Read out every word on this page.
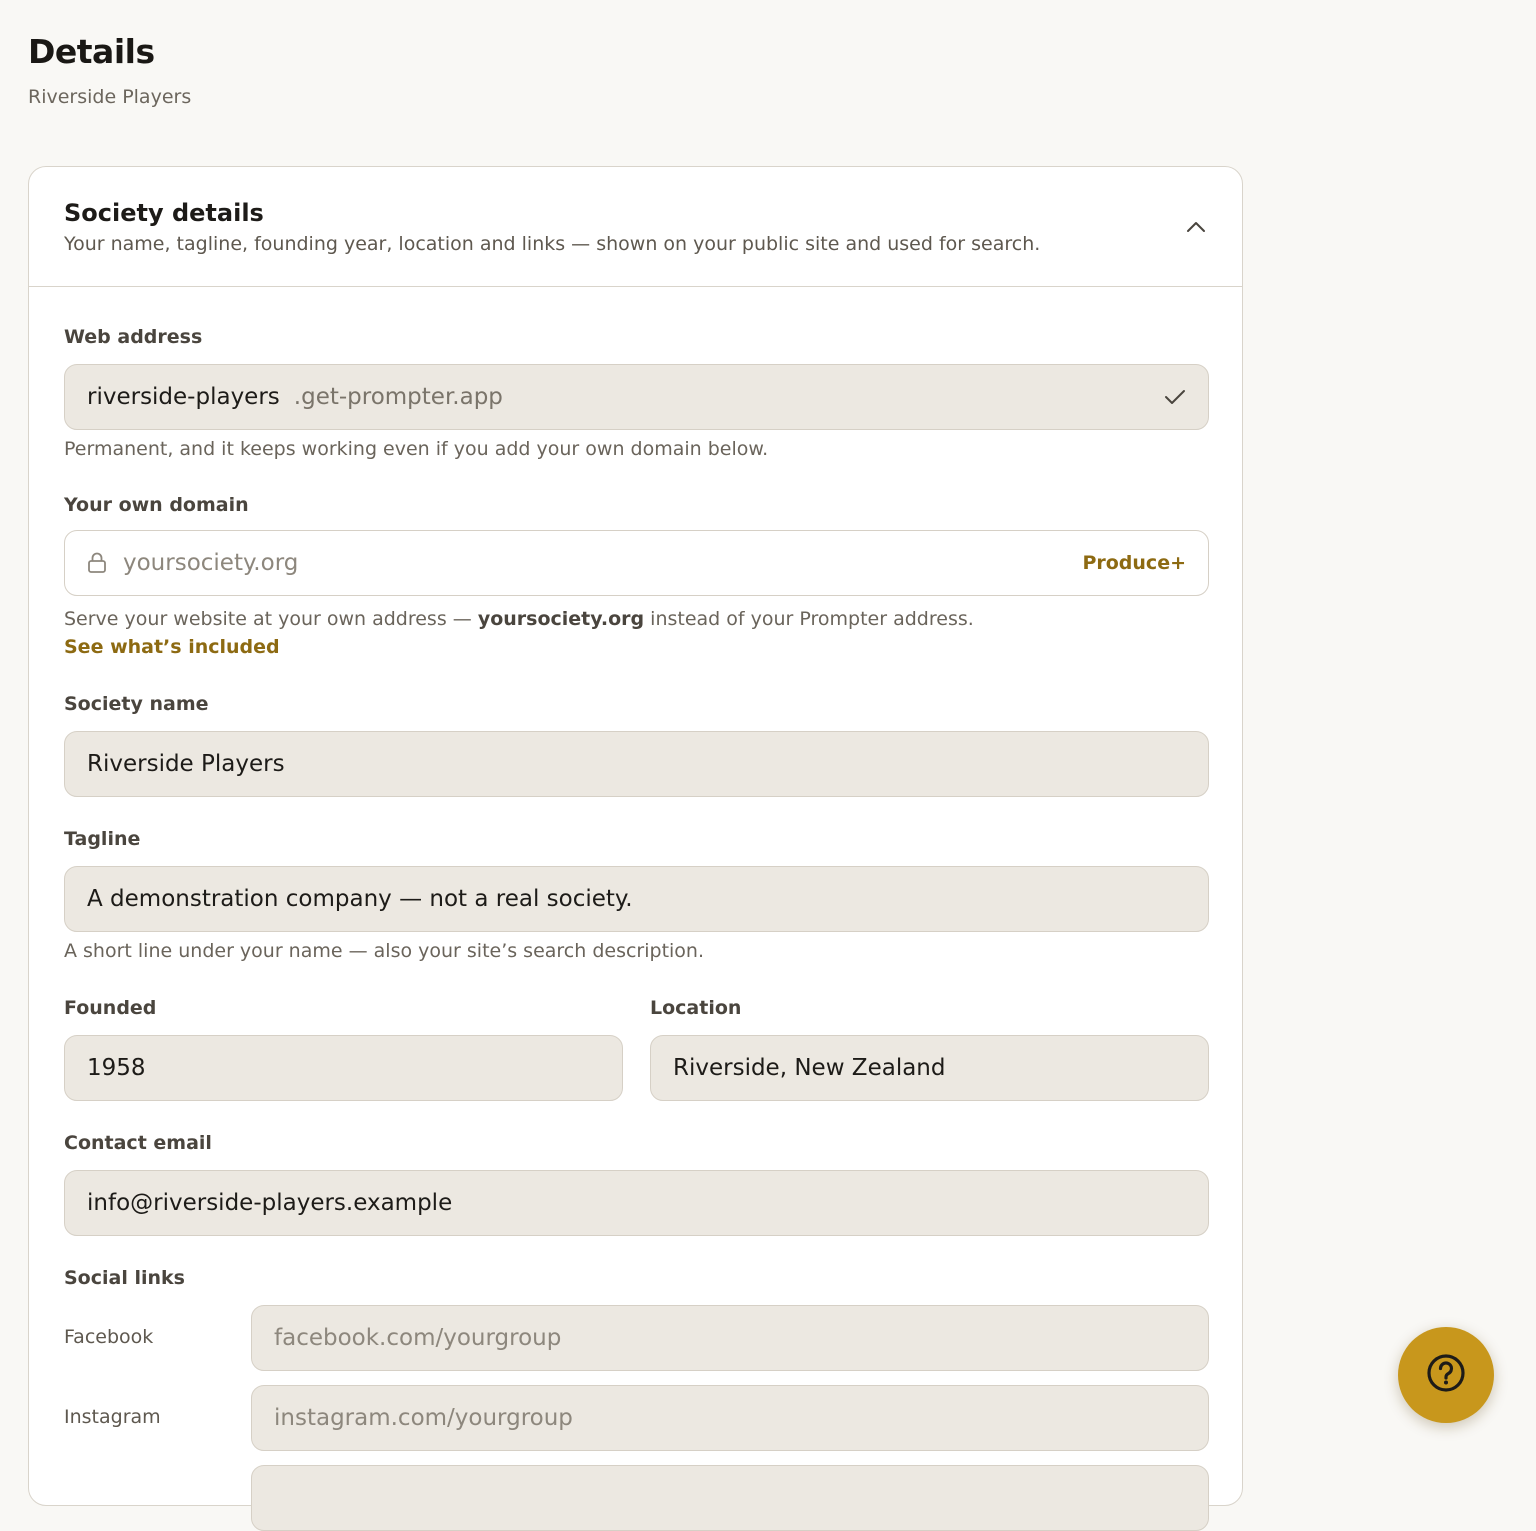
Details
Riverside Players
Society details
Your name, tagline, founding year, location and links — shown on your public site and used for search.
Web address
riverside-players .get-prompter.app
Permanent, and it keeps working even if you add your own domain below.
Your own domain
yoursociety.org	Produce+
Serve your website at your own address — yoursociety.org instead of your Prompter address.
See what’s included
Society name
Riverside Players
Tagline
A demonstration company — not a real society.
A short line under your name — also your site’s search description.
Founded
1958
Location
Riverside, New Zealand
Contact email
info@riverside-players.example
Social links
Facebook	facebook.com/yourgroup
Instagram	instagram.com/yourgroup
